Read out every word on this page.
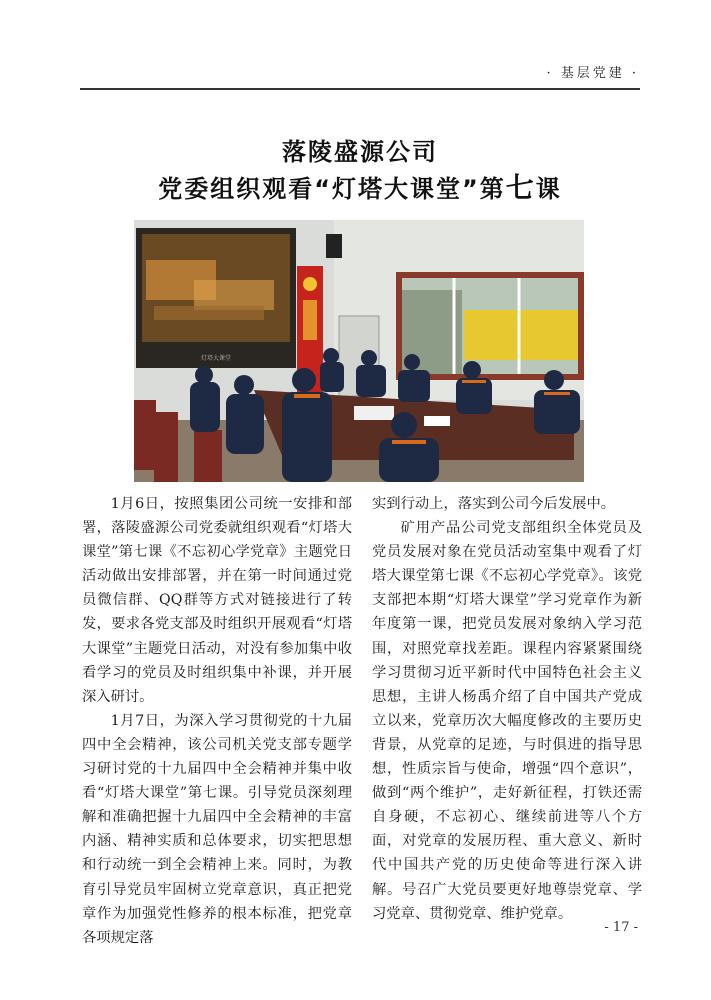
· 基层党建 ·
落陵盛源公司
党委组织观看“灯塔大课堂”第七课
灯塔大课堂

1月6日，按照集团公司统一安排和部署，落陵盛源公司党委就组织观看“灯塔大课堂”第七课《不忘初心学党章》主题党日活动做出安排部署，并在第一时间通过党员微信群、QQ群等方式对链接进行了转发，要求各党支部及时组织开展观看“灯塔大课堂”主题党日活动，对没有参加集中收看学习的党员及时组织集中补课，并开展深入研讨。

1月7日，为深入学习贯彻党的十九届四中全会精神，该公司机关党支部专题学习研讨党的十九届四中全会精神并集中收看“灯塔大课堂”第七课。引导党员深刻理解和准确把握十九届四中全会精神的丰富内涵、精神实质和总体要求，切实把思想和行动统一到全会精神上来。同时，为教育引导党员牢固树立党章意识，真正把党章作为加强党性修养的根本标准，把党章各项规定落

实到行动上，落实到公司今后发展中。

矿用产品公司党支部组织全体党员及党员发展对象在党员活动室集中观看了灯塔大课堂第七课《不忘初心学党章》。该党支部把本期“灯塔大课堂”学习党章作为新年度第一课，把党员发展对象纳入学习范围，对照党章找差距。课程内容紧紧围绕学习贯彻习近平新时代中国特色社会主义思想，主讲人杨禹介绍了自中国共产党成立以来，党章历次大幅度修改的主要历史背景，从党章的足迹，与时俱进的指导思想，性质宗旨与使命，增强“四个意识”，做到“两个维护”，走好新征程，打铁还需自身硬，不忘初心、继续前进等八个方面，对党章的发展历程、重大意义、新时代中国共产党的历史使命等进行深入讲解。号召广大党员要更好地尊崇党章、学习党章、贯彻党章、维护党章。

- 17 -
